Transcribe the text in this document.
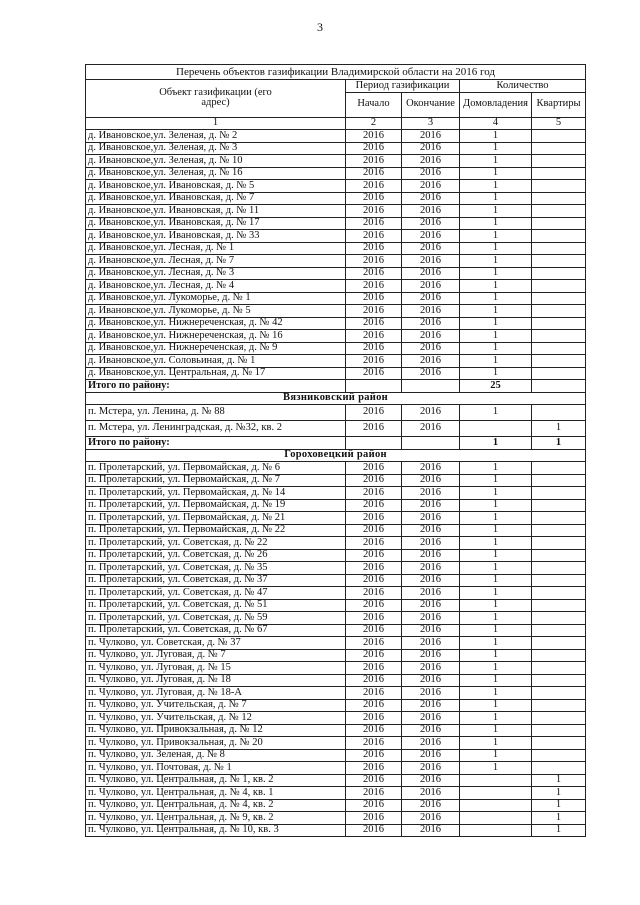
3
Перечень объектов газификации Владимирской области на 2016 год				
Объект газификации (его адрес)	Период газификации		Количество	
	Начало	Окончание	Домовладения	Квартиры
1	2	3	4	5
д. Ивановское,ул. Зеленая, д. № 2	2016	2016	1	
д. Ивановское,ул. Зеленая, д. № 3	2016	2016	1	
д. Ивановское,ул. Зеленая, д. № 10	2016	2016	1	
д. Ивановское,ул. Зеленая, д. № 16	2016	2016	1	
д. Ивановское,ул. Ивановская, д. № 5	2016	2016	1	
д. Ивановское,ул. Ивановская, д. № 7	2016	2016	1	
д. Ивановское,ул. Ивановская, д. № 11	2016	2016	1	
д. Ивановское,ул. Ивановская, д. № 17	2016	2016	1	
д. Ивановское,ул. Ивановская, д. № 33	2016	2016	1	
д. Ивановское,ул. Лесная, д. № 1	2016	2016	1	
д. Ивановское,ул. Лесная, д. № 7	2016	2016	1	
д. Ивановское,ул. Лесная, д. № 3	2016	2016	1	
д. Ивановское,ул. Лесная, д. № 4	2016	2016	1	
д. Ивановское,ул. Лукоморье, д. № 1	2016	2016	1	
д. Ивановское,ул. Лукоморье, д. № 5	2016	2016	1	
д. Ивановское,ул. Нижнереченская, д. № 42	2016	2016	1	
д. Ивановское,ул. Нижнереченская, д. № 16	2016	2016	1	
д. Ивановское,ул. Нижнереченская, д. № 9	2016	2016	1	
д. Ивановское,ул. Соловьиная, д. № 1	2016	2016	1	
д. Ивановское,ул. Центральная, д. № 17	2016	2016	1	
Итого по району:			25	
Вязниковский район				
п. Мстера, ул. Ленина, д. № 88	2016	2016	1	
п. Мстера, ул. Ленинградская, д. №32, кв. 2	2016	2016		1
Итого по району:			1	1
Гороховецкий район				
п. Пролетарский, ул. Первомайская, д. № 6	2016	2016	1	
п. Пролетарский, ул. Первомайская, д. № 7	2016	2016	1	
п. Пролетарский, ул. Первомайская, д. № 14	2016	2016	1	
п. Пролетарский, ул. Первомайская, д. № 19	2016	2016	1	
п. Пролетарский, ул. Первомайская, д. № 21	2016	2016	1	
п. Пролетарский, ул. Первомайская, д. № 22	2016	2016	1	
п. Пролетарский, ул. Советская, д. № 22	2016	2016	1	
п. Пролетарский, ул. Советская, д. № 26	2016	2016	1	
п. Пролетарский, ул. Советская, д. № 35	2016	2016	1	
п. Пролетарский, ул. Советская, д. № 37	2016	2016	1	
п. Пролетарский, ул. Советская, д. № 47	2016	2016	1	
п. Пролетарский, ул. Советская, д. № 51	2016	2016	1	
п. Пролетарский, ул. Советская, д. № 59	2016	2016	1	
п. Пролетарский, ул. Советская, д. № 67	2016	2016	1	
п. Чулково, ул. Советская, д. № 37	2016	2016	1	
п. Чулково, ул. Луговая, д. № 7	2016	2016	1	
п. Чулково, ул. Луговая, д. № 15	2016	2016	1	
п. Чулково, ул. Луговая, д. № 18	2016	2016	1	
п. Чулково, ул. Луговая, д. № 18-А	2016	2016	1	
п. Чулково, ул. Учительская, д. № 7	2016	2016	1	
п. Чулково, ул. Учительская, д. № 12	2016	2016	1	
п. Чулково, ул. Привокзальная, д. № 12	2016	2016	1	
п. Чулково, ул. Привокзальная, д. № 20	2016	2016	1	
п. Чулково, ул. Зеленая, д. № 8	2016	2016	1	
п. Чулково, ул. Почтовая, д. № 1	2016	2016	1	
п. Чулково, ул. Центральная, д. № 1, кв. 2	2016	2016		1
п. Чулково, ул. Центральная, д. № 4, кв. 1	2016	2016		1
п. Чулково, ул. Центральная, д. № 4, кв. 2	2016	2016		1
п. Чулково, ул. Центральная, д. № 9, кв. 2	2016	2016		1
п. Чулково, ул. Центральная, д. № 10, кв. 3	2016	2016		1
